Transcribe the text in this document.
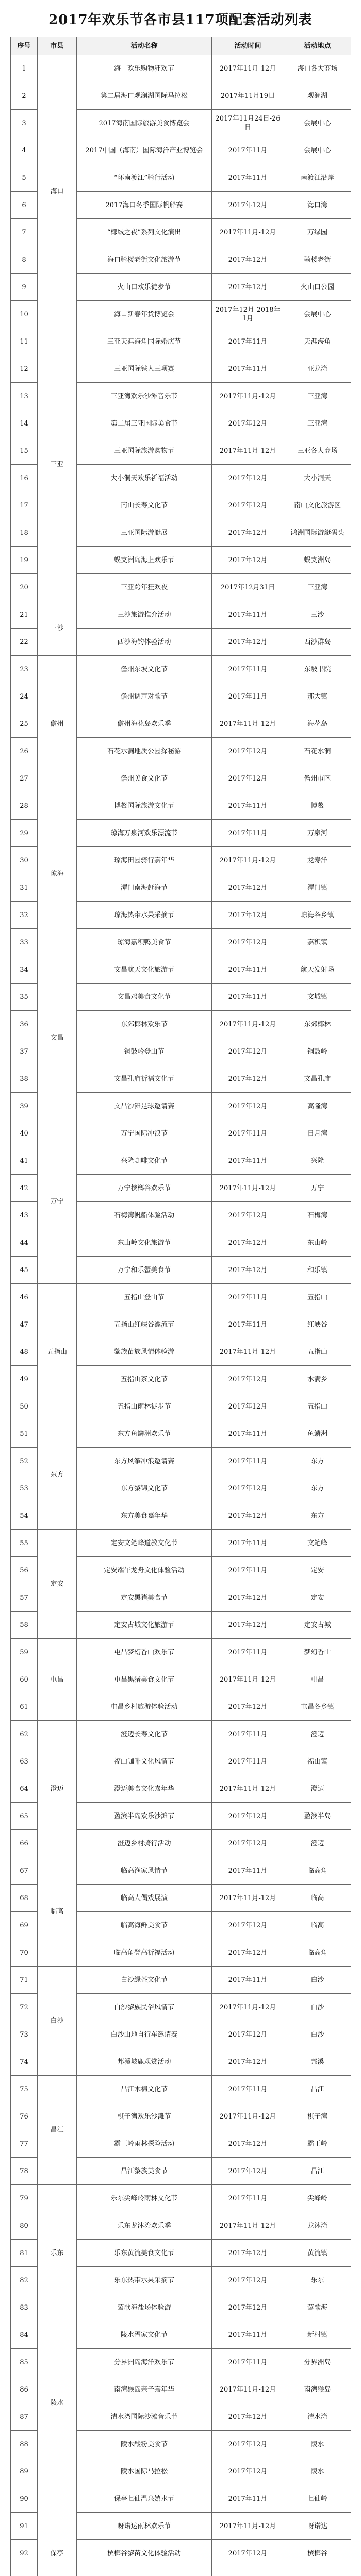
2017年欢乐节各市县117项配套活动列表
序号	市县	活动名称	活动时间	活动地点
1	海口	海口欢乐购物狂欢节	2017年11月-12月	海口各大商场
2		第二届海口观澜湖国际马拉松	2017年11月19日	观澜湖
3		2017海南国际旅游美食博览会	2017年11月24日-26日	会展中心
4		2017中国（海南）国际海洋产业博览会	2017年11月	会展中心
5		“环南渡江”骑行活动	2017年11月	南渡江沿岸
6		2017海口冬季国际帆船赛	2017年12月	海口湾
7		“椰城之夜”系列文化演出	2017年11月-12月	万绿园
8		海口骑楼老街文化旅游节	2017年12月	骑楼老街
9		火山口欢乐徒步节	2017年12月	火山口公园
10		海口新春年货博览会	2017年12月-2018年1月	会展中心
11	三亚	三亚天涯海角国际婚庆节	2017年11月	天涯海角
12		三亚国际铁人三项赛	2017年11月	亚龙湾
13		三亚湾欢乐沙滩音乐节	2017年11月-12月	三亚湾
14		第二届三亚国际美食节	2017年12月	三亚湾
15		三亚国际旅游购物节	2017年11月-12月	三亚各大商场
16		大小洞天欢乐祈福活动	2017年12月	大小洞天
17		南山长寿文化节	2017年12月	南山文化旅游区
18		三亚国际游艇展	2017年12月	鸿洲国际游艇码头
19		蜈支洲岛海上欢乐节	2017年12月	蜈支洲岛
20		三亚跨年狂欢夜	2017年12月31日	三亚湾
21	三沙	三沙旅游推介活动	2017年11月	三沙
22		西沙海钓体验活动	2017年12月	西沙群岛
23	儋州	儋州东坡文化节	2017年11月	东坡书院
24		儋州调声对歌节	2017年11月	那大镇
25		儋州海花岛欢乐季	2017年11月-12月	海花岛
26		石花水洞地质公园探秘游	2017年12月	石花水洞
27		儋州美食文化节	2017年12月	儋州市区
28	琼海	博鳌国际旅游文化节	2017年11月	博鳌
29		琼海万泉河欢乐漂流节	2017年11月	万泉河
30		琼海田园骑行嘉年华	2017年11月-12月	龙寿洋
31		潭门南海赶海节	2017年12月	潭门镇
32		琼海热带水果采摘节	2017年12月	琼海各乡镇
33		琼海嘉积鸭美食节	2017年12月	嘉积镇
34	文昌	文昌航天文化旅游节	2017年11月	航天发射场
35		文昌鸡美食文化节	2017年11月	文城镇
36		东郊椰林欢乐节	2017年11月-12月	东郊椰林
37		铜鼓岭登山节	2017年12月	铜鼓岭
38		文昌孔庙祈福文化节	2017年12月	文昌孔庙
39		文昌沙滩足球邀请赛	2017年12月	高隆湾
40	万宁	万宁国际冲浪节	2017年11月	日月湾
41		兴隆咖啡文化节	2017年11月	兴隆
42		万宁槟榔谷欢乐节	2017年11月-12月	万宁
43		石梅湾帆船体验活动	2017年12月	石梅湾
44		东山岭文化旅游节	2017年12月	东山岭
45		万宁和乐蟹美食节	2017年12月	和乐镇
46	五指山	五指山登山节	2017年11月	五指山
47		五指山红峡谷漂流节	2017年11月	红峡谷
48		黎族苗族风情体验游	2017年11月-12月	五指山
49		五指山茶文化节	2017年12月	水满乡
50		五指山雨林徒步节	2017年12月	五指山
51	东方	东方鱼鳞洲欢乐节	2017年11月	鱼鳞洲
52		东方风筝冲浪邀请赛	2017年11月	东方
53		东方黎锦文化节	2017年12月	东方
54		东方美食嘉年华	2017年12月	东方
55	定安	定安文笔峰道教文化节	2017年11月	文笔峰
56		定安端午龙舟文化体验活动	2017年11月	定安
57		定安黑猪美食节	2017年12月	定安
58		定安古城文化旅游节	2017年12月	定安古城
59	屯昌	屯昌梦幻香山欢乐节	2017年11月	梦幻香山
60		屯昌黑猪美食文化节	2017年11月-12月	屯昌
61		屯昌乡村旅游体验活动	2017年12月	屯昌各乡镇
62	澄迈	澄迈长寿文化节	2017年11月	澄迈
63		福山咖啡文化风情节	2017年11月	福山镇
64		澄迈美食文化嘉年华	2017年11月-12月	澄迈
65		盈滨半岛欢乐沙滩节	2017年12月	盈滨半岛
66		澄迈乡村骑行活动	2017年12月	澄迈
67	临高	临高渔家风情节	2017年11月	临高角
68		临高人偶戏展演	2017年11月-12月	临高
69		临高海鲜美食节	2017年12月	临高
70		临高角登高祈福活动	2017年12月	临高角
71	白沙	白沙绿茶文化节	2017年11月	白沙
72		白沙黎族民俗风情节	2017年11月-12月	白沙
73		白沙山地自行车邀请赛	2017年12月	白沙
74		邦溪坡鹿观赏活动	2017年12月	邦溪
75	昌江	昌江木棉文化节	2017年11月	昌江
76		棋子湾欢乐沙滩节	2017年11月-12月	棋子湾
77		霸王岭雨林探险活动	2017年12月	霸王岭
78		昌江黎族美食节	2017年12月	昌江
79	乐东	乐东尖峰岭雨林文化节	2017年11月	尖峰岭
80		乐东龙沐湾欢乐季	2017年11月-12月	龙沐湾
81		乐东黄流美食文化节	2017年12月	黄流镇
82		乐东热带水果采摘节	2017年12月	乐东
83		莺歌海盐场体验游	2017年12月	莺歌海
84	陵水	陵水疍家文化节	2017年11月	新村镇
85		分界洲岛海洋欢乐节	2017年11月	分界洲岛
86		南湾猴岛亲子嘉年华	2017年11月-12月	南湾猴岛
87		清水湾国际沙滩音乐节	2017年12月	清水湾
88		陵水酸粉美食节	2017年12月	陵水
89		陵水国际马拉松	2017年12月	陵水
90	保亭	保亭七仙温泉嬉水节	2017年11月	七仙岭
91		呀诺达雨林欢乐节	2017年11月-12月	呀诺达
92		槟榔谷黎苗文化体验活动	2017年12月	槟榔谷
